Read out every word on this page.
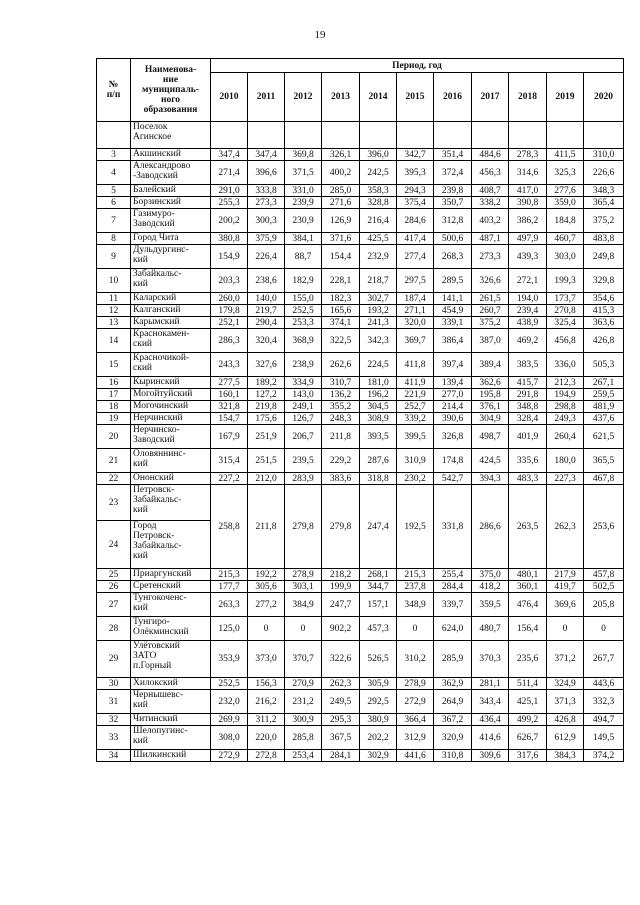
19
№
п/п	Наименова-
ние
муниципаль-
ного
образования	Период, год										
		2010	2011	2012	2013	2014	2015	2016	2017	2018	2019	2020
	Поселок
Агинское											
3	Акшинский	347,4	347,4	369,8	326,1	396,0	342,7	351,4	484,6	278,3	411,5	310,0
4	Александрово
-Заводский	271,4	396,6	371,5	400,2	242,5	395,3	372,4	456,3	314,6	325,3	226,6
5	Балейский	291,0	333,8	331,0	285,0	358,3	294,3	239,8	408,7	417,0	277,6	348,3
6	Борзинский	255,3	273,3	239,9	271,6	328,8	375,4	350,7	338,2	390,8	359,0	365,4
7	Газимуро-
Заводский	200,2	300,3	230,9	126,9	216,4	284,6	312,8	403,2	386,2	184,8	375,2
8	Город Чита	380,8	375,9	384,1	371,6	425,5	417,4	500,6	487,1	497,9	460,7	483,8
9	Дульдургинс-
кий	154,9	226,4	88,7	154,4	232,9	277,4	268,3	273,3	439,3	303,0	249,8
10	Забайкальс-
кий	203,3	238,6	182,9	228,1	218,7	297,5	289,5	326,6	272,1	199,3	329,8
11	Каларский	260,0	140,0	155,0	182,3	302,7	187,4	141,1	261,5	194,0	173,7	354,6
12	Калганский	179,8	219,7	252,5	165,6	193,2	271,1	454,9	260,7	239,4	270,8	415,3
13	Карымский	252,1	290,4	253,3	374,1	241,3	320,0	339,1	375,2	438,9	325,4	363,6
14	Краснокамен-
ский	286,3	320,4	368,9	322,5	342,3	369,7	386,4	387,0	469,2	456,8	426,8
15	Красночикой-
ский	243,3	327,6	238,9	262,6	224,5	411,8	397,4	389,4	383,5	336,0	505,3
16	Кыринский	277,5	189,2	334,9	310,7	181,0	411,9	139,4	362,6	415,7	212,3	267,1
17	Могойтуйский	160,1	127,2	143,0	136,2	196,2	221,9	277,0	195,8	291,8	194,9	259,5
18	Могочинский	321,8	219,8	249,1	355,2	304,5	252,7	214,4	376,1	348,8	298,8	481,9
19	Нерчинский	154,7	175,6	126,7	248,3	308,9	339,2	390,6	304,9	328,4	249,3	437,6
20	Нерчинско-
Заводский	167,9	251,9	206,7	211,8	393,5	399,5	326,8	498,7	401,9	260,4	621,5
21	Оловяннинс-
кий	315,4	251,5	239,5	229,2	287,6	310,9	174,8	424,5	335,6	180,0	365,5
22	Ононский	227,2	212,0	283,9	383,6	318,8	230,2	542,7	394,3	483,3	227,3	467,8
23	Петровск-
Забайкальс-
кий	258,8	211,8	279,8	279,8	247,4	192,5	331,8	286,6	263,5	262,3	253,6
24	Город
Петровск-
Забайкальс-
кий											
25	Приаргунский	215,3	192,2	278,9	218,2	268,1	215,3	255,4	375,0	480,1	217,9	457,8
26	Сретенский	177,7	305,6	303,1	199,9	344,7	237,8	284,4	418,2	360,1	419,7	502,5
27	Тунгокоченс-
кий	263,3	277,2	384,9	247,7	157,1	348,9	339,7	359,5	476,4	369,6	205,8
28	Тунгиро-
Олёкминский	125,0	0	0	902,2	457,3	0	624,0	480,7	156,4	0	0
29	Улётовский
ЗАТО
п.Горный	353,9	373,0	370,7	322,6	526,5	310,2	285,9	370,3	235,6	371,2	267,7
30	Хилокский	252,5	156,3	270,9	262,3	305,9	278,9	362,9	281,1	511,4	324,9	443,6
31	Чернышевс-
кий	232,0	216,2	231,2	249,5	292,5	272,9	264,9	343,4	425,1	371,3	332,3
32	Читинский	269,9	311,2	300,9	295,3	380,9	366,4	367,2	436,4	499,2	426,8	494,7
33	Шелопугинс-
кий	308,0	220,0	285,8	367,5	202,2	312,9	320,9	414,6	626,7	612,9	149,5
34	Шилкинский	272,9	272,8	253,4	284,1	302,9	441,6	310,8	309,6	317,6	384,3	374,2
